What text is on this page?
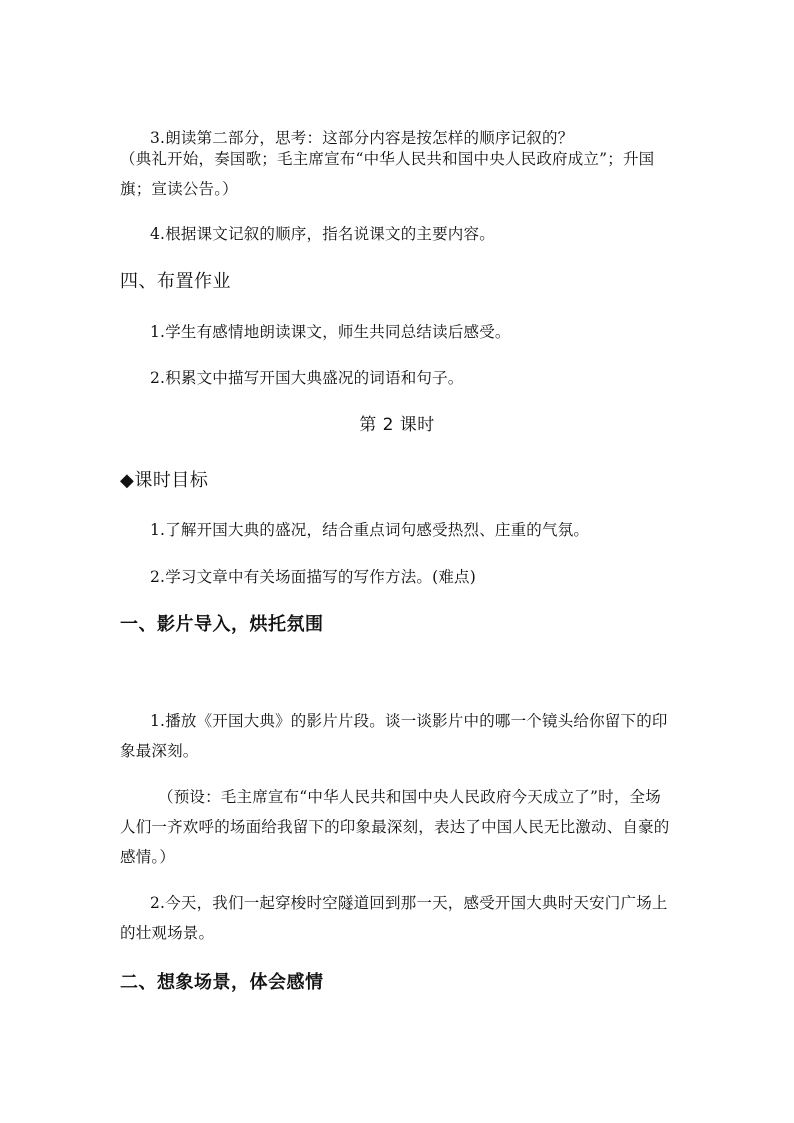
3.朗读第二部分，思考：这部分内容是按怎样的顺序记叙的？
（典礼开始，奏国歌；毛主席宣布“中华人民共和国中央人民政府成立”；升国
旗；宣读公告。）
4.根据课文记叙的顺序，指名说课文的主要内容。
四、布置作业
1.学生有感情地朗读课文，师生共同总结读后感受。
2.积累文中描写开国大典盛况的词语和句子。
第 2 课时
◆课时目标
1.了解开国大典的盛况，结合重点词句感受热烈、庄重的气氛。
2.学习文章中有关场面描写的写作方法。(难点)
一、影片导入，烘托氛围
1.播放《开国大典》的影片片段。谈一谈影片中的哪一个镜头给你留下的印
象最深刻。
（预设：毛主席宣布“中华人民共和国中央人民政府今天成立了”时，全场
人们一齐欢呼的场面给我留下的印象最深刻，表达了中国人民无比激动、自豪的
感情。）
2.今天，我们一起穿梭时空隧道回到那一天，感受开国大典时天安门广场上
的壮观场景。
二、想象场景，体会感情
